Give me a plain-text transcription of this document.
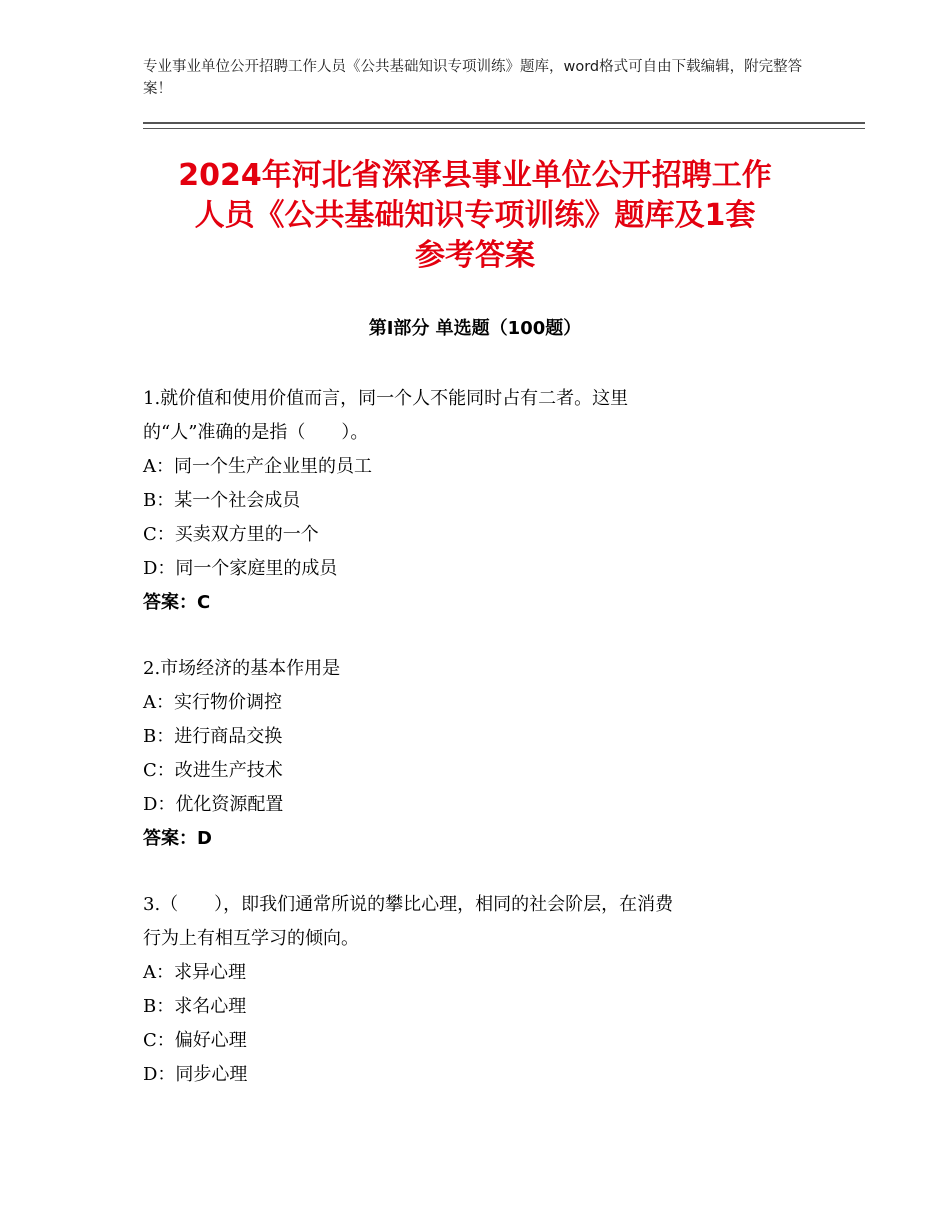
专业事业单位公开招聘工作人员《公共基础知识专项训练》题库，word格式可自由下载编辑，附完整答案！
2024年河北省深泽县事业单位公开招聘工作
人员《公共基础知识专项训练》题库及1套
参考答案
第Ⅰ部分 单选题（100题）
1.就价值和使用价值而言，同一个人不能同时占有二者。这里
的“人”准确的是指（　　）。
A：同一个生产企业里的员工
B：某一个社会成员
C：买卖双方里的一个
D：同一个家庭里的成员
答案：C
2.市场经济的基本作用是
A：实行物价调控
B：进行商品交换
C：改进生产技术
D：优化资源配置
答案：D
3.（　　），即我们通常所说的攀比心理，相同的社会阶层，在消费
行为上有相互学习的倾向。
A：求异心理
B：求名心理
C：偏好心理
D：同步心理
